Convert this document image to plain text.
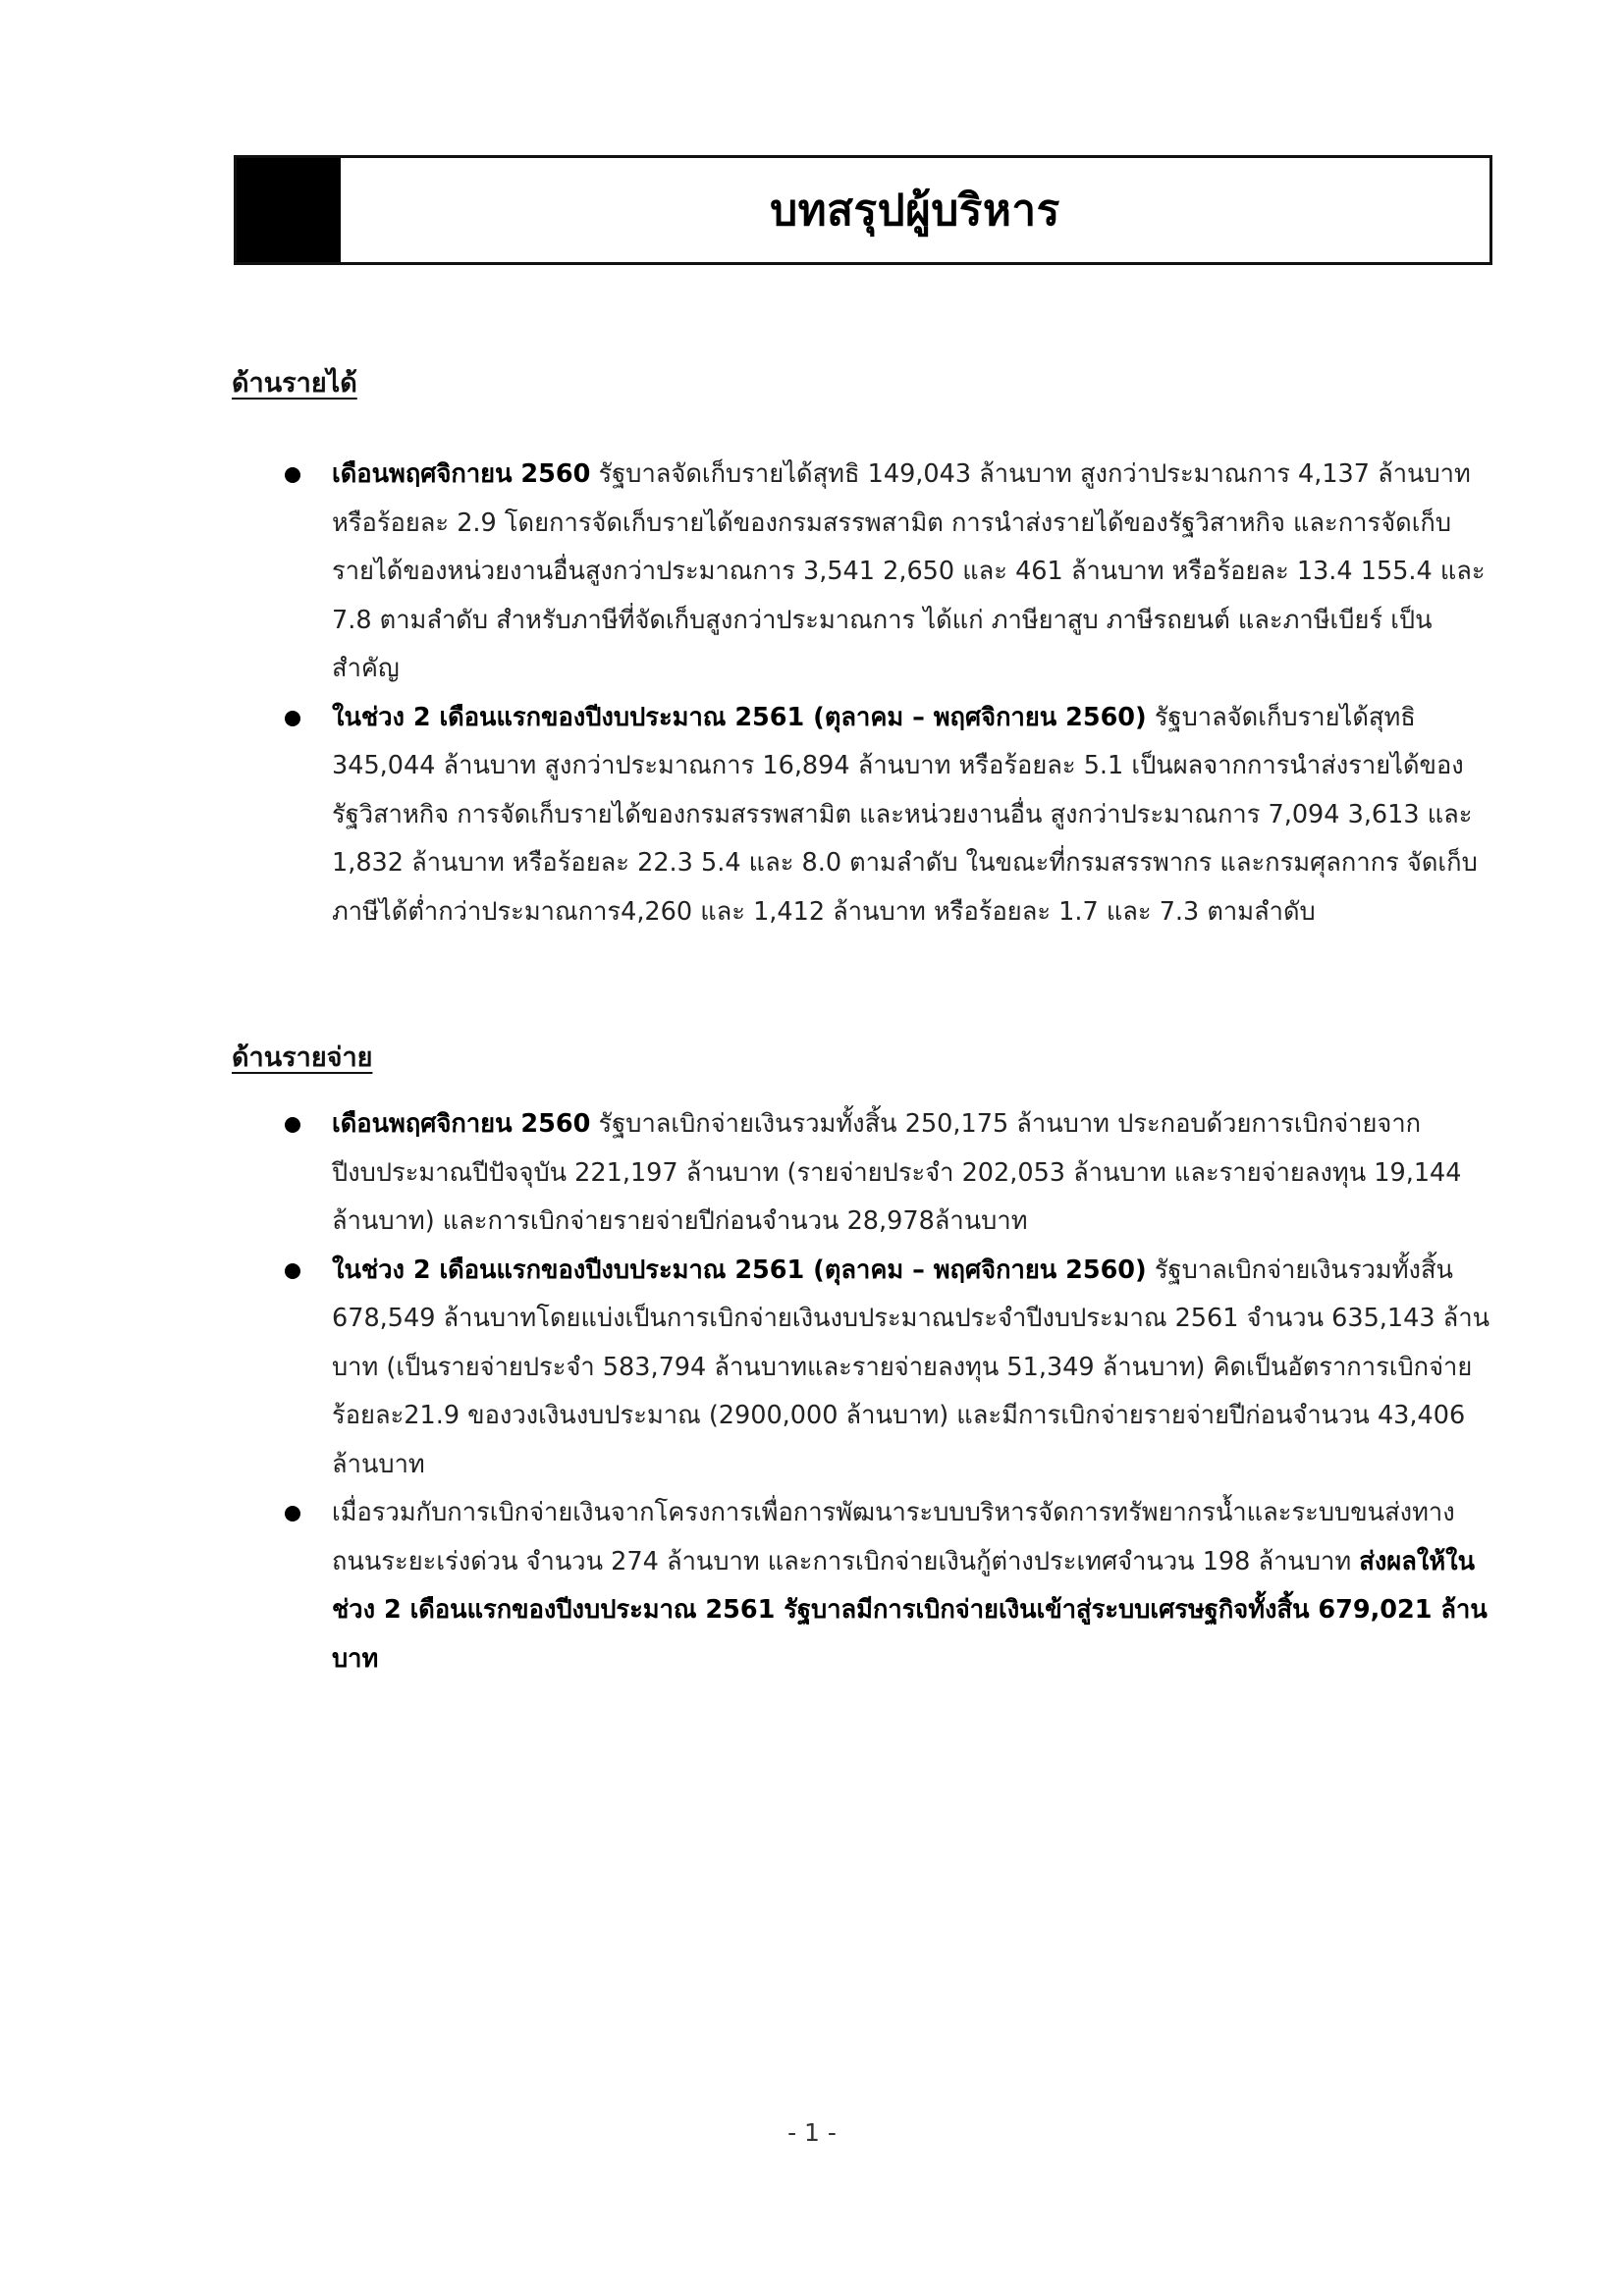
บทสรุปผู้บริหาร
ด้านรายได้

เดือนพฤศจิกายน 2560 รัฐบาลจัดเก็บรายได้สุทธิ 149,043 ล้านบาท สูงกว่าประมาณการ 4,137 ล้านบาท หรือร้อยละ 2.9 โดยการจัดเก็บรายได้ของกรมสรรพสามิต การนำส่งรายได้ของรัฐวิสาหกิจ และการจัดเก็บรายได้ของหน่วยงานอื่นสูงกว่าประมาณการ 3,541 2,650 และ 461 ล้านบาท หรือร้อยละ 13.4 155.4 และ 7.8 ตามลำดับ สำหรับภาษีที่จัดเก็บสูงกว่าประมาณการ ได้แก่ ภาษียาสูบ ภาษีรถยนต์ และภาษีเบียร์ เป็นสำคัญ

ในช่วง 2 เดือนแรกของปีงบประมาณ 2561 (ตุลาคม – พฤศจิกายน 2560) รัฐบาลจัดเก็บรายได้สุทธิ 345,044 ล้านบาท สูงกว่าประมาณการ 16,894 ล้านบาท หรือร้อยละ 5.1 เป็นผลจากการนำส่งรายได้ของรัฐวิสาหกิจ การจัดเก็บรายได้ของกรมสรรพสามิต และหน่วยงานอื่น สูงกว่าประมาณการ 7,094 3,613 และ 1,832 ล้านบาท หรือร้อยละ 22.3 5.4 และ 8.0 ตามลำดับ ในขณะที่กรมสรรพากร และกรมศุลกากร จัดเก็บภาษีได้ต่ำกว่าประมาณการ4,260 และ 1,412 ล้านบาท หรือร้อยละ 1.7 และ 7.3 ตามลำดับ

ด้านรายจ่าย

เดือนพฤศจิกายน 2560 รัฐบาลเบิกจ่ายเงินรวมทั้งสิ้น 250,175 ล้านบาท ประกอบด้วยการเบิกจ่ายจากปีงบประมาณปีปัจจุบัน 221,197 ล้านบาท (รายจ่ายประจำ 202,053 ล้านบาท และรายจ่ายลงทุน 19,144 ล้านบาท) และการเบิกจ่ายรายจ่ายปีก่อนจำนวน 28,978ล้านบาท

ในช่วง 2 เดือนแรกของปีงบประมาณ 2561 (ตุลาคม – พฤศจิกายน 2560) รัฐบาลเบิกจ่ายเงินรวมทั้งสิ้น 678,549 ล้านบาทโดยแบ่งเป็นการเบิกจ่ายเงินงบประมาณประจำปีงบประมาณ 2561 จำนวน 635,143 ล้านบาท (เป็นรายจ่ายประจำ 583,794 ล้านบาทและรายจ่ายลงทุน 51,349 ล้านบาท) คิดเป็นอัตราการเบิกจ่ายร้อยละ21.9 ของวงเงินงบประมาณ (2900,000 ล้านบาท) และมีการเบิกจ่ายรายจ่ายปีก่อนจำนวน 43,406 ล้านบาท

เมื่อรวมกับการเบิกจ่ายเงินจากโครงการเพื่อการพัฒนาระบบบริหารจัดการทรัพยากรน้ำและระบบขนส่งทางถนนระยะเร่งด่วน จำนวน 274 ล้านบาท และการเบิกจ่ายเงินกู้ต่างประเทศจำนวน 198 ล้านบาท ส่งผลให้ในช่วง 2 เดือนแรกของปีงบประมาณ 2561 รัฐบาลมีการเบิกจ่ายเงินเข้าสู่ระบบเศรษฐกิจทั้งสิ้น 679,021 ล้านบาท

- 1 -
